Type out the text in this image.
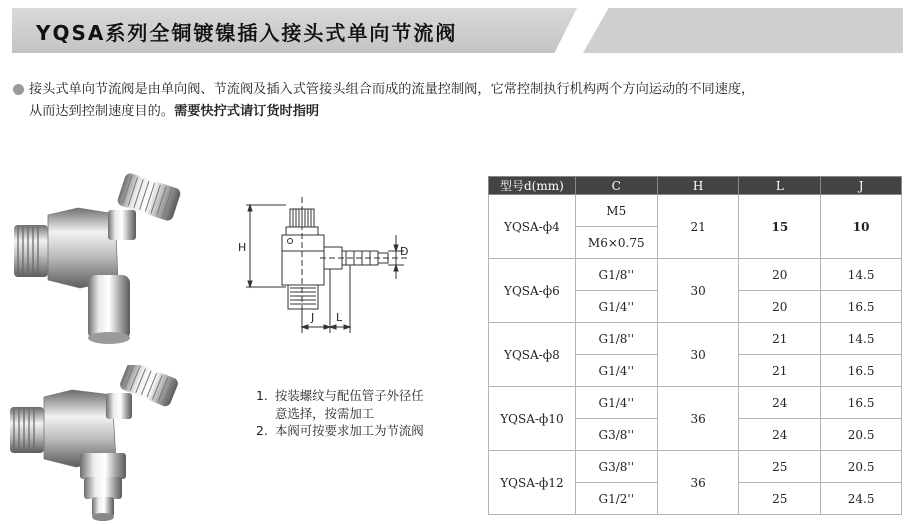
YQSA系列全铜镀镍插入接头式单向节流阀
接头式单向节流阀是由单向阀、节流阀及插入式管接头组合而成的流量控制阀，它常控制执行机构两个方向运动的不同速度，
从而达到控制速度目的。需要快拧式请订货时指明
H	D
J L
1. 按装螺纹与配伍管子外径任意选择，按需加工
2. 本阀可按要求加工为节流阀
型号d(mm)	C	H	L	J
YQSA-ф4	M5	21	15	10
	M6×0.75			
YQSA-ф6	G1/8''	30	20	14.5
	G1/4''		20	16.5
YQSA-ф8	G1/8''	30	21	14.5
	G1/4''		21	16.5
YQSA-ф10	G1/4''	36	24	16.5
	G3/8''		24	20.5
YQSA-ф12	G3/8''	36	25	20.5
	G1/2''		25	24.5
